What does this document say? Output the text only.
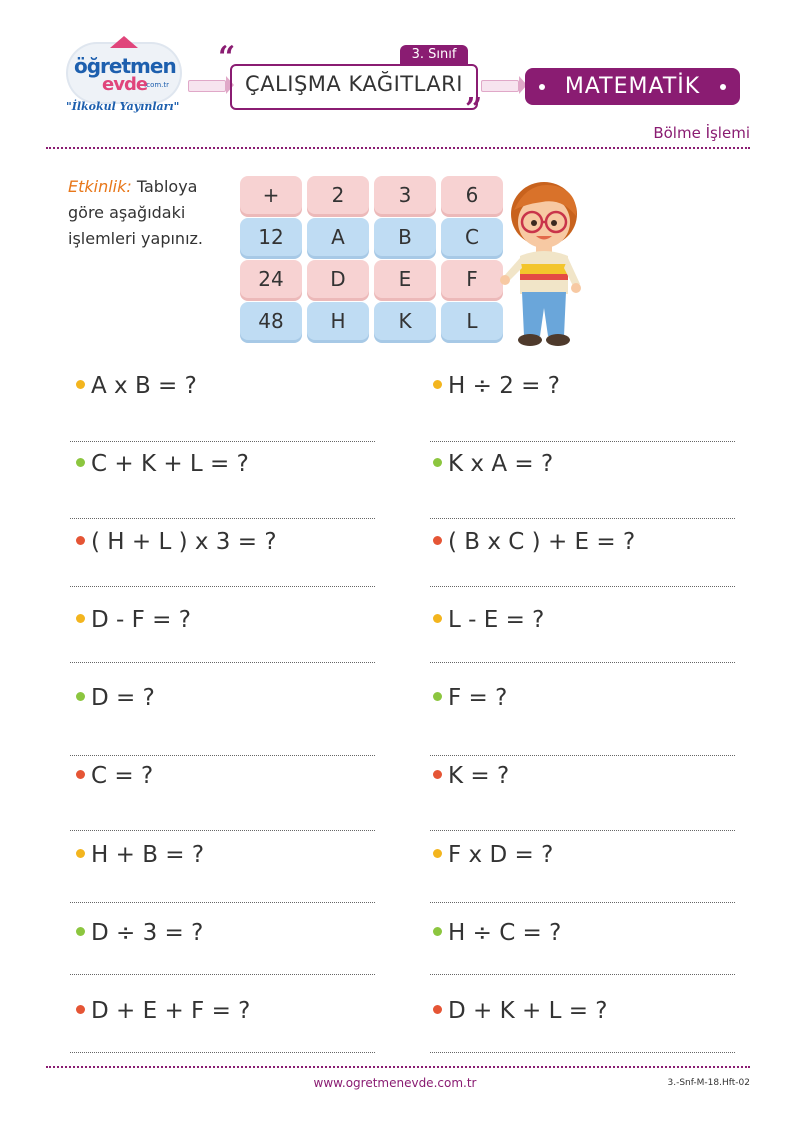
öğretmen
evde
.com.tr
"İlkokul Yayınları"
“	3. Sınıf
ÇALIŞMA KAĞITLARI
”
MATEMATİK
Bölme İşlemi
Etkinlik: Tabloya göre aşağıdaki işlemleri yapınız.
+	2	3	6
12	A	B	C
24	D	E	F
48	H	K	L
A x B = ?
C + K + L = ?
( H + L ) x 3 = ?
D - F = ?
D = ?
C = ?
H + B = ?
D ÷ 3 = ?
D + E + F = ?
H ÷ 2 = ?
K x A = ?
( B x C ) + E = ?
L - E = ?
F = ?
K = ?
F x D = ?
H ÷ C = ?
D + K + L = ?
www.ogretmenevde.com.tr	3.-Snf-M-18.Hft-02
